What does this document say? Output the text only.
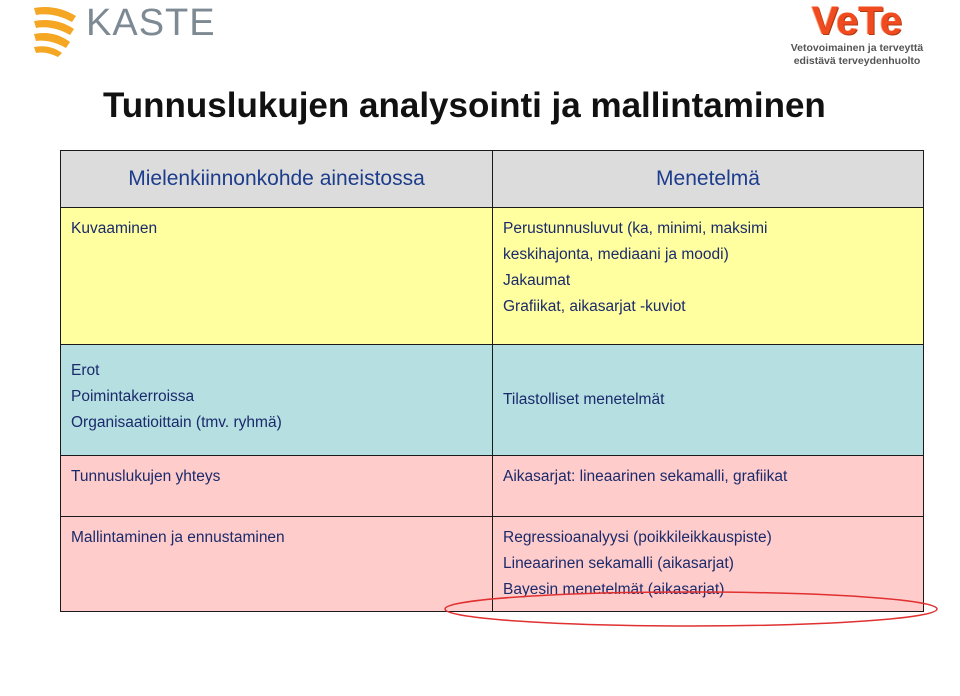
KASTE	VeTe
Vetovoimainen ja terveyttä
edistävä terveydenhuolto
Tunnuslukujen analysointi ja mallintaminen
Mielenkiinnonkohde aineistossa	Menetelmä

Kuvaaminen	Perustunnusluvut (ka, minimi, maksimi
keskihajonta, mediaani ja moodi)
Jakaumat
Grafiikat, aikasarjat -kuviot

Erot
Poimintakerroissa
Organisaatioittain (tmv. ryhmä)	Tilastolliset menetelmät

Tunnuslukujen yhteys	Aikasarjat: lineaarinen sekamalli, grafiikat

Mallintaminen ja ennustaminen	Regressioanalyysi (poikkileikkauspiste)
Lineaarinen sekamalli (aikasarjat)
Bayesin menetelmät (aikasarjat)
